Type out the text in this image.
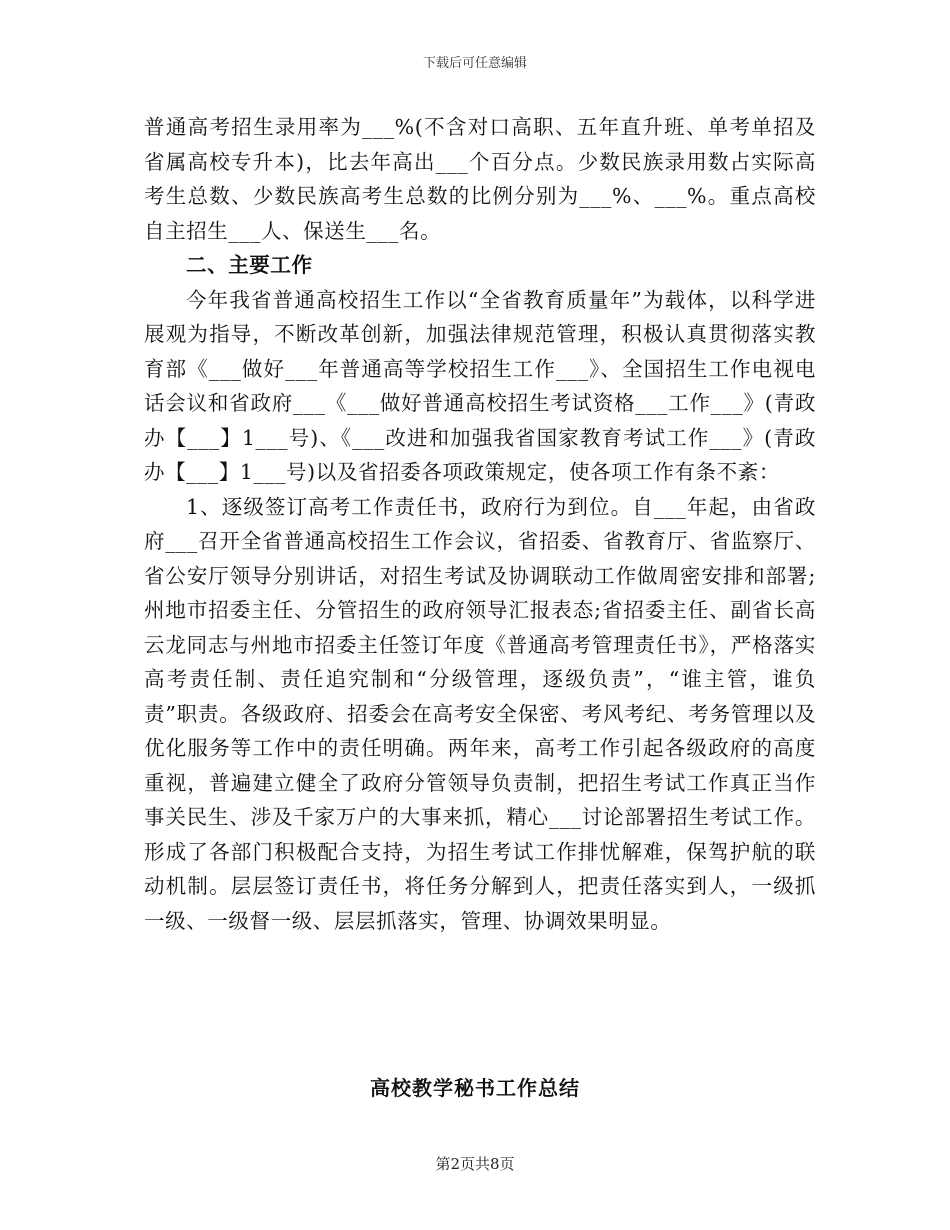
下载后可任意编辑

普通高考招生录用率为___%(不含对口高职、五年直升班、单考单招及省属高校专升本)，比去年高出___个百分点。少数民族录用数占实际高考生总数、少数民族高考生总数的比例分别为___%、___%。重点高校自主招生___人、保送生___名。

二、主要工作

今年我省普通高校招生工作以“全省教育质量年”为载体，以科学进展观为指导，不断改革创新，加强法律规范管理，积极认真贯彻落实教育部《___做好___年普通高等学校招生工作___》、全国招生工作电视电话会议和省政府___《___做好普通高校招生考试资格___工作___》(青政办【___】1___号)、《___改进和加强我省国家教育考试工作___》(青政办【___】1___号)以及省招委各项政策规定，使各项工作有条不紊：

1、逐级签订高考工作责任书，政府行为到位。自___年起，由省政府___召开全省普通高校招生工作会议，省招委、省教育厅、省监察厅、省公安厅领导分别讲话，对招生考试及协调联动工作做周密安排和部署;州地市招委主任、分管招生的政府领导汇报表态;省招委主任、副省长高云龙同志与州地市招委主任签订年度《普通高考管理责任书》，严格落实高考责任制、责任追究制和“分级管理，逐级负责”，“谁主管，谁负责”职责。各级政府、招委会在高考安全保密、考风考纪、考务管理以及优化服务等工作中的责任明确。两年来，高考工作引起各级政府的高度重视，普遍建立健全了政府分管领导负责制，把招生考试工作真正当作事关民生、涉及千家万户的大事来抓，精心___讨论部署招生考试工作。形成了各部门积极配合支持，为招生考试工作排忧解难，保驾护航的联动机制。层层签订责任书，将任务分解到人，把责任落实到人，一级抓一级、一级督一级、层层抓落实，管理、协调效果明显。

高校教学秘书工作总结
第2页共8页
